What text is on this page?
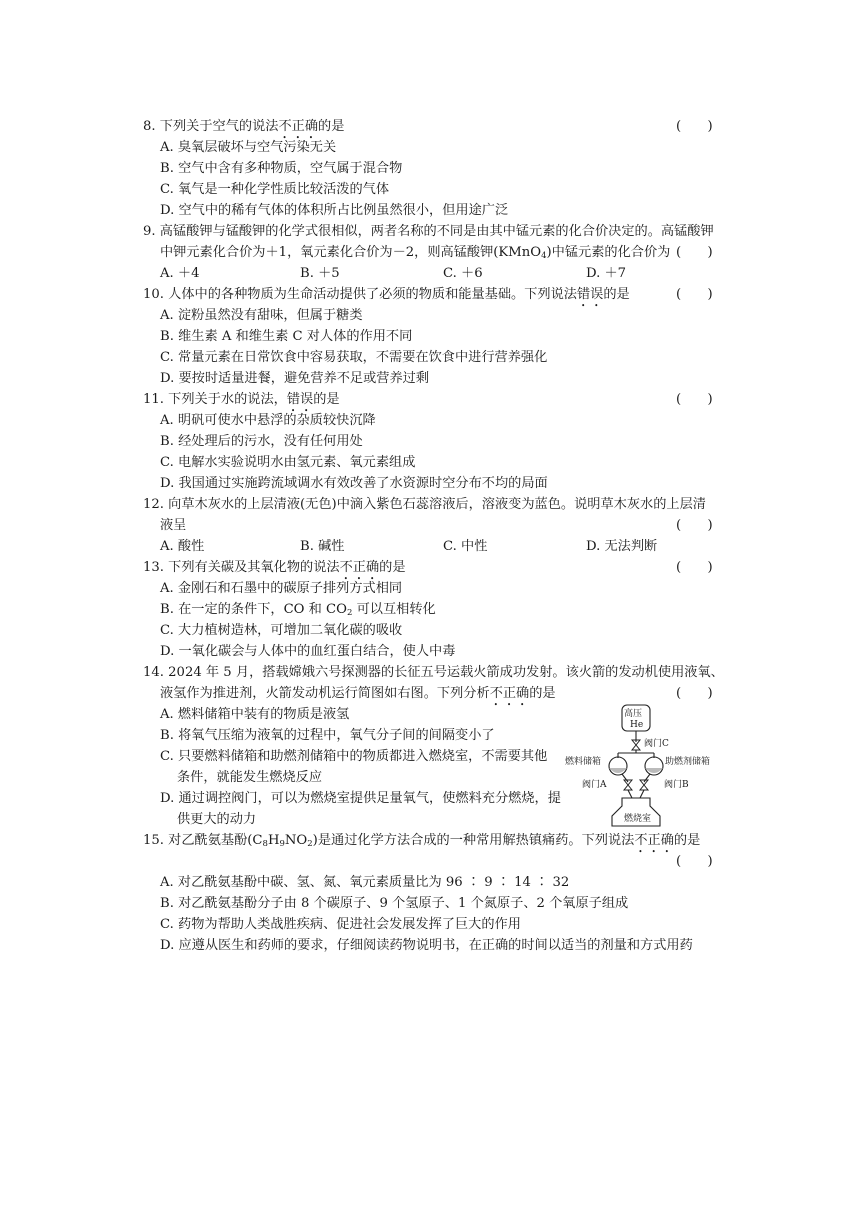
8. 下列关于空气的说法不正确的是	(　　)
A. 臭氧层破坏与空气污染无关
B. 空气中含有多种物质，空气属于混合物
C. 氧气是一种化学性质比较活泼的气体
D. 空气中的稀有气体的体积所占比例虽然很小，但用途广泛
9. 高锰酸钾与锰酸钾的化学式很相似，两者名称的不同是由其中锰元素的化合价决定的。高锰酸钾
中钾元素化合价为＋1，氧元素化合价为－2，则高锰酸钾(KMnO$_4$)中锰元素的化合价为 (　　)
A. ＋4	B. ＋5	C. ＋6	D. ＋7
10. 人体中的各种物质为生命活动提供了必须的物质和能量基础。下列说法错误的是	(　　)
A. 淀粉虽然没有甜味，但属于糖类
B. 维生素 A 和维生素 C 对人体的作用不同
C. 常量元素在日常饮食中容易获取，不需要在饮食中进行营养强化
D. 要按时适量进餐，避免营养不足或营养过剩
11. 下列关于水的说法，错误的是	(　　)
A. 明矾可使水中悬浮的杂质较快沉降
B. 经处理后的污水，没有任何用处
C. 电解水实验说明水由氢元素、氧元素组成
D. 我国通过实施跨流域调水有效改善了水资源时空分布不均的局面
12. 向草木灰水的上层清液(无色)中滴入紫色石蕊溶液后，溶液变为蓝色。说明草木灰水的上层清
液呈	(　　)
A. 酸性	B. 碱性	C. 中性	D. 无法判断
13. 下列有关碳及其氧化物的说法不正确的是	(　　)
A. 金刚石和石墨中的碳原子排列方式相同
B. 在一定的条件下，CO 和 $CO_2$ 可以互相转化
C. 大力植树造林，可增加二氧化碳的吸收
D. 一氧化碳会与人体中的血红蛋白结合，使人中毒
14. 2024 年 5 月，搭载嫦娥六号探测器的长征五号运载火箭成功发射。该火箭的发动机使用液氧、
液氢作为推进剂，火箭发动机运行简图如右图。下列分析不正确的是	(　　)
A. 燃料储箱中装有的物质是液氢
B. 将氧气压缩为液氧的过程中，氧气分子间的间隔变小了
C. 只要燃料储箱和助燃剂储箱中的物质都进入燃烧室，不需要其他
条件，就能发生燃烧反应
D. 通过调控阀门，可以为燃烧室提供足量氧气，使燃料充分燃烧，提
供更大的动力
高压
He
阀门C
燃料储箱	助燃剂储箱
阀门A	阀门B
燃烧室
15. 对乙酰氨基酚$(C_8H_9NO_2)$是通过化学方法合成的一种常用解热镇痛药。下列说法不正确的是
(　　)
A. 对乙酰氨基酚中碳、氢、氮、氧元素质量比为 96 ∶ 9 ∶ 14 ∶ 32
B. 对乙酰氨基酚分子由 8 个碳原子、9 个氢原子、1 个氮原子、2 个氧原子组成
C. 药物为帮助人类战胜疾病、促进社会发展发挥了巨大的作用
D. 应遵从医生和药师的要求，仔细阅读药物说明书，在正确的时间以适当的剂量和方式用药
